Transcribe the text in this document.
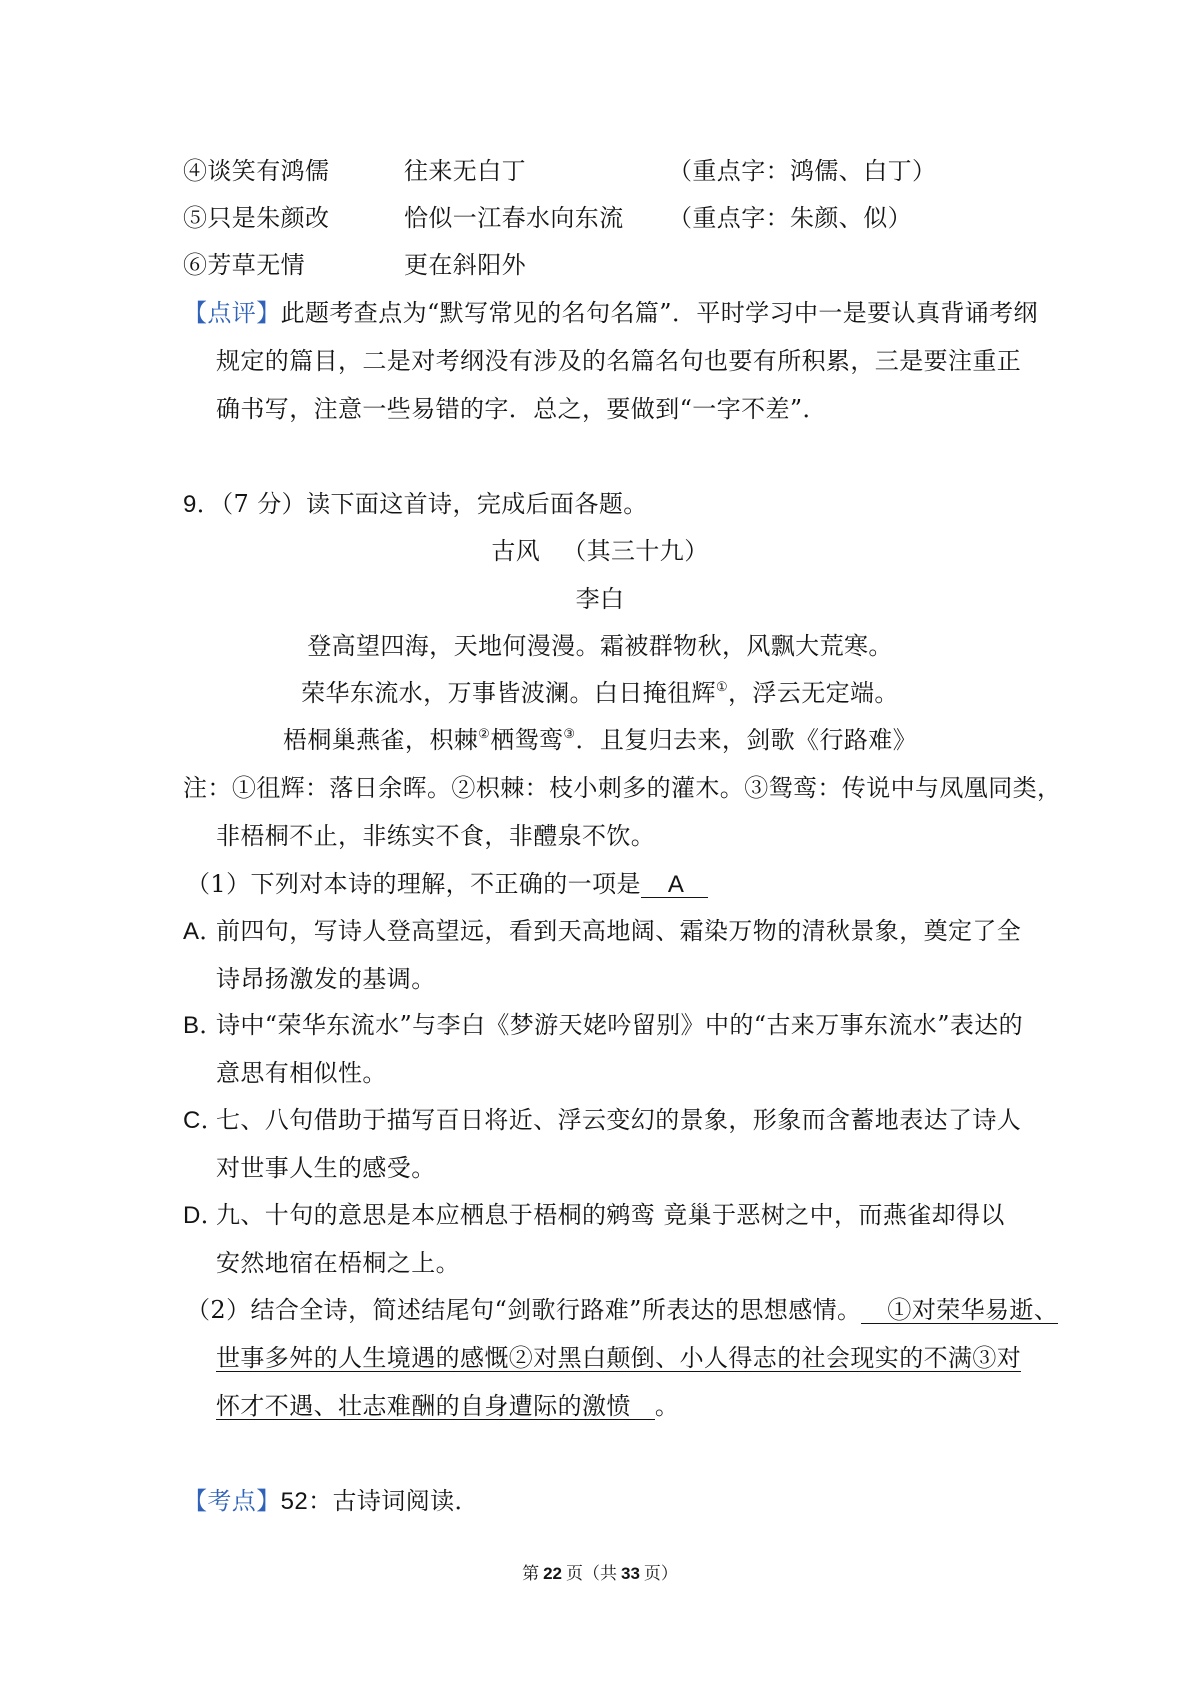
④谈笑有鸿儒	往来无白丁	（重点字：鸿儒、白丁）
⑤只是朱颜改	恰似一江春水向东流 （重点字：朱颜、似）
⑥芳草无情	更在斜阳外
【点评】此题考查点为“默写常见的名句名篇”．平时学习中一是要认真背诵考纲
规定的篇目，二是对考纲没有涉及的名篇名句也要有所积累，三是要注重正
确书写，注意一些易错的字．总之，要做到“一字不差”．
9．（7 分）读下面这首诗，完成后面各题。
古风 （其三十九）
李白
登高望四海，天地何漫漫。霜被群物秋，风飘大荒寒。
荣华东流水，万事皆波澜。白日掩徂辉①，浮云无定端。
梧桐巢燕雀，枳棘②栖鸳鸾③．且复归去来，剑歌《行路难》
注：①徂辉：落日余晖。②枳棘：枝小刺多的灌木。③鸳鸾：传说中与凤凰同类，
非梧桐不止，非练实不食，非醴泉不饮。
（1）下列对本诗的理解，不正确的一项是 A
A．
前四句，写诗人登高望远，看到天高地阔、霜染万物的清秋景象，奠定了全
诗昂扬激发的基调。
B．
诗中“荣华东流水”与李白《梦游天姥吟留别》中的“古来万事东流水”表达的
意思有相似性。
C．
七、八句借助于描写百日将近、浮云变幻的景象，形象而含蓄地表达了诗人
对世事人生的感受。
D．
九、十句的意思是本应栖息于梧桐的鹓鸾 竟巢于恶树之中，而燕雀却得以
安然地宿在梧桐之上。
（2）结合全诗，简述结尾句“剑歌行路难”所表达的思想感情。 ①对荣华易逝、
世事多舛的人生境遇的感慨②对黑白颠倒、小人得志的社会现实的不满③对
怀才不遇、壮志难酬的自身遭际的激愤 。
【考点】52：古诗词阅读．
第 22 页（共 33 页）
